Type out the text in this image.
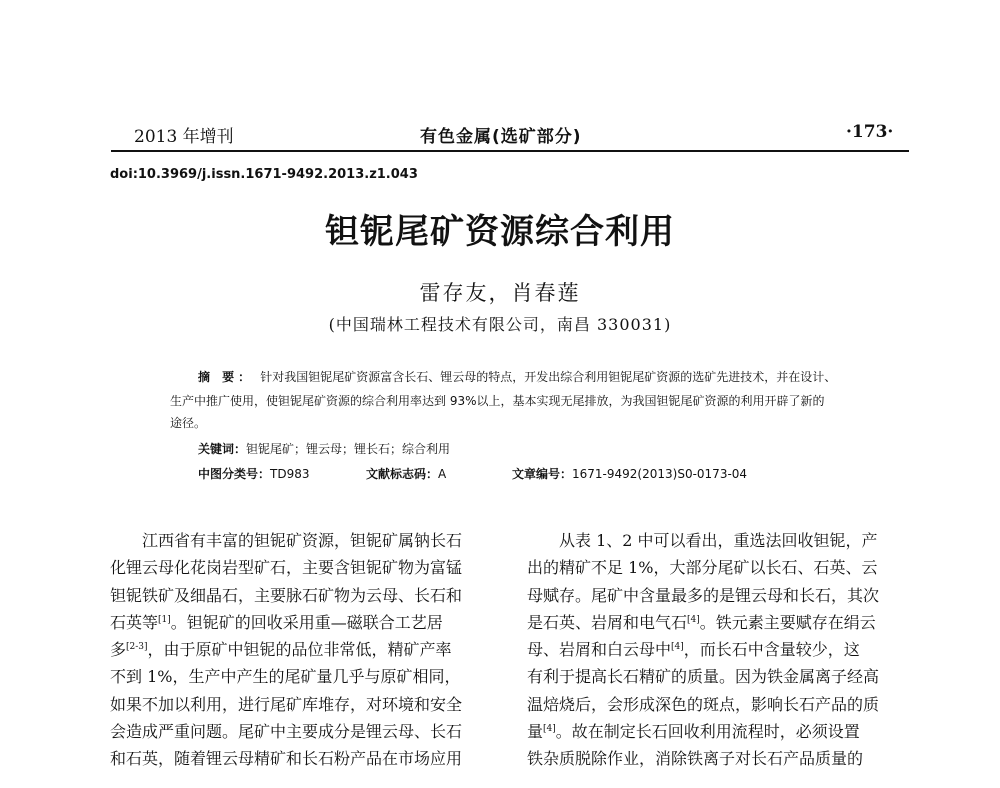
2013 年增刊	有色金属(选矿部分)	·173·
doi:10.3969/j.issn.1671-9492.2013.z1.043
钽铌尾矿资源综合利用
雷存友，肖春莲
(中国瑞林工程技术有限公司，南昌 330031)
摘 要： 针对我国钽铌尾矿资源富含长石、锂云母的特点，开发出综合利用钽铌尾矿资源的选矿先进技术，并在设计、
生产中推广使用，使钽铌尾矿资源的综合利用率达到 93%以上，基本实现无尾排放，为我国钽铌尾矿资源的利用开辟了新的
途径。
关键词：钽铌尾矿；锂云母；锂长石；综合利用
中图分类号：TD983	文献标志码：A	文章编号：1671-9492(2013)S0-0173-04
　　江西省有丰富的钽铌矿资源，钽铌矿属钠长石
化锂云母化花岗岩型矿石，主要含钽铌矿物为富锰
钽铌铁矿及细晶石，主要脉石矿物为云母、长石和
石英等[1]。钽铌矿的回收采用重—磁联合工艺居
多[2-3]，由于原矿中钽铌的品位非常低，精矿产率
不到 1%，生产中产生的尾矿量几乎与原矿相同，
如果不加以利用，进行尾矿库堆存，对环境和安全
会造成严重问题。尾矿中主要成分是锂云母、长石
和石英，随着锂云母精矿和长石粉产品在市场应用
　　从表 1、2 中可以看出，重选法回收钽铌，产
出的精矿不足 1%，大部分尾矿以长石、石英、云
母赋存。尾矿中含量最多的是锂云母和长石，其次
是石英、岩屑和电气石[4]。铁元素主要赋存在绢云
母、岩屑和白云母中[4]，而长石中含量较少，这
有利于提高长石精矿的质量。因为铁金属离子经高
温焙烧后，会形成深色的斑点，影响长石产品的质
量[4]。故在制定长石回收利用流程时，必须设置
铁杂质脱除作业，消除铁离子对长石产品质量的
